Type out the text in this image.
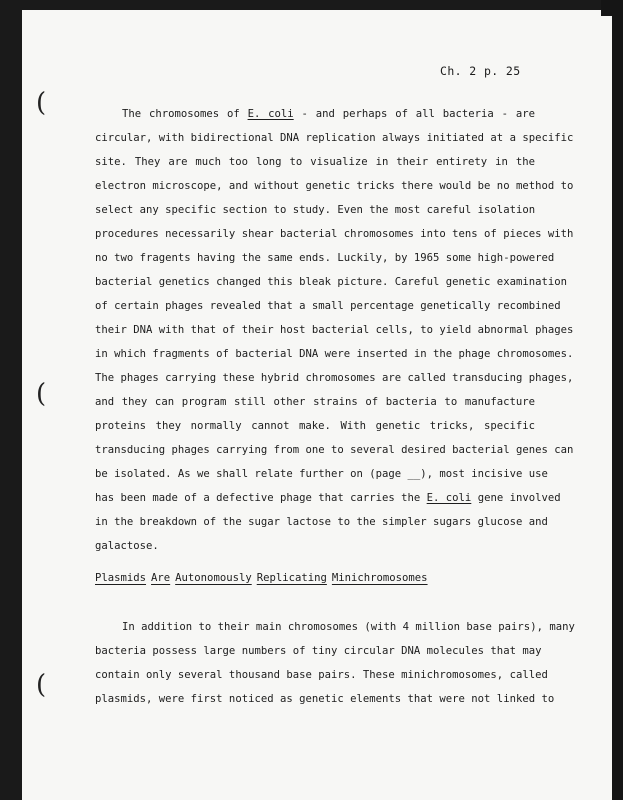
Ch. 2 p. 25
(
(
(
The chromosomes of E. coli - and perhaps of all bacteria - are
circular, with bidirectional DNA replication always initiated at a specific
site. They are much too long to visualize in their entirety in the
electron microscope, and without genetic tricks there would be no method to
select any specific section to study. Even the most careful isolation
procedures necessarily shear bacterial chromosomes into tens of pieces with
no two fragents having the same ends. Luckily, by 1965 some high-powered
bacterial genetics changed this bleak picture. Careful genetic examination
of certain phages revealed that a small percentage genetically recombined
their DNA with that of their host bacterial cells, to yield abnormal phages
in which fragments of bacterial DNA were inserted in the phage chromosomes.
The phages carrying these hybrid chromosomes are called transducing phages,
and they can program still other strains of bacteria to manufacture
proteins they normally cannot make. With genetic tricks, specific
transducing phages carrying from one to several desired bacterial genes can
be isolated. As we shall relate further on (page __), most incisive use
has been made of a defective phage that carries the E. coli gene involved
in the breakdown of the sugar lactose to the simpler sugars glucose and
galactose.
Plasmids Are Autonomously Replicating Minichromosomes
In addition to their main chromosomes (with 4 million base pairs), many
bacteria possess large numbers of tiny circular DNA molecules that may
contain only several thousand base pairs. These minichromosomes, called
plasmids, were first noticed as genetic elements that were not linked to
